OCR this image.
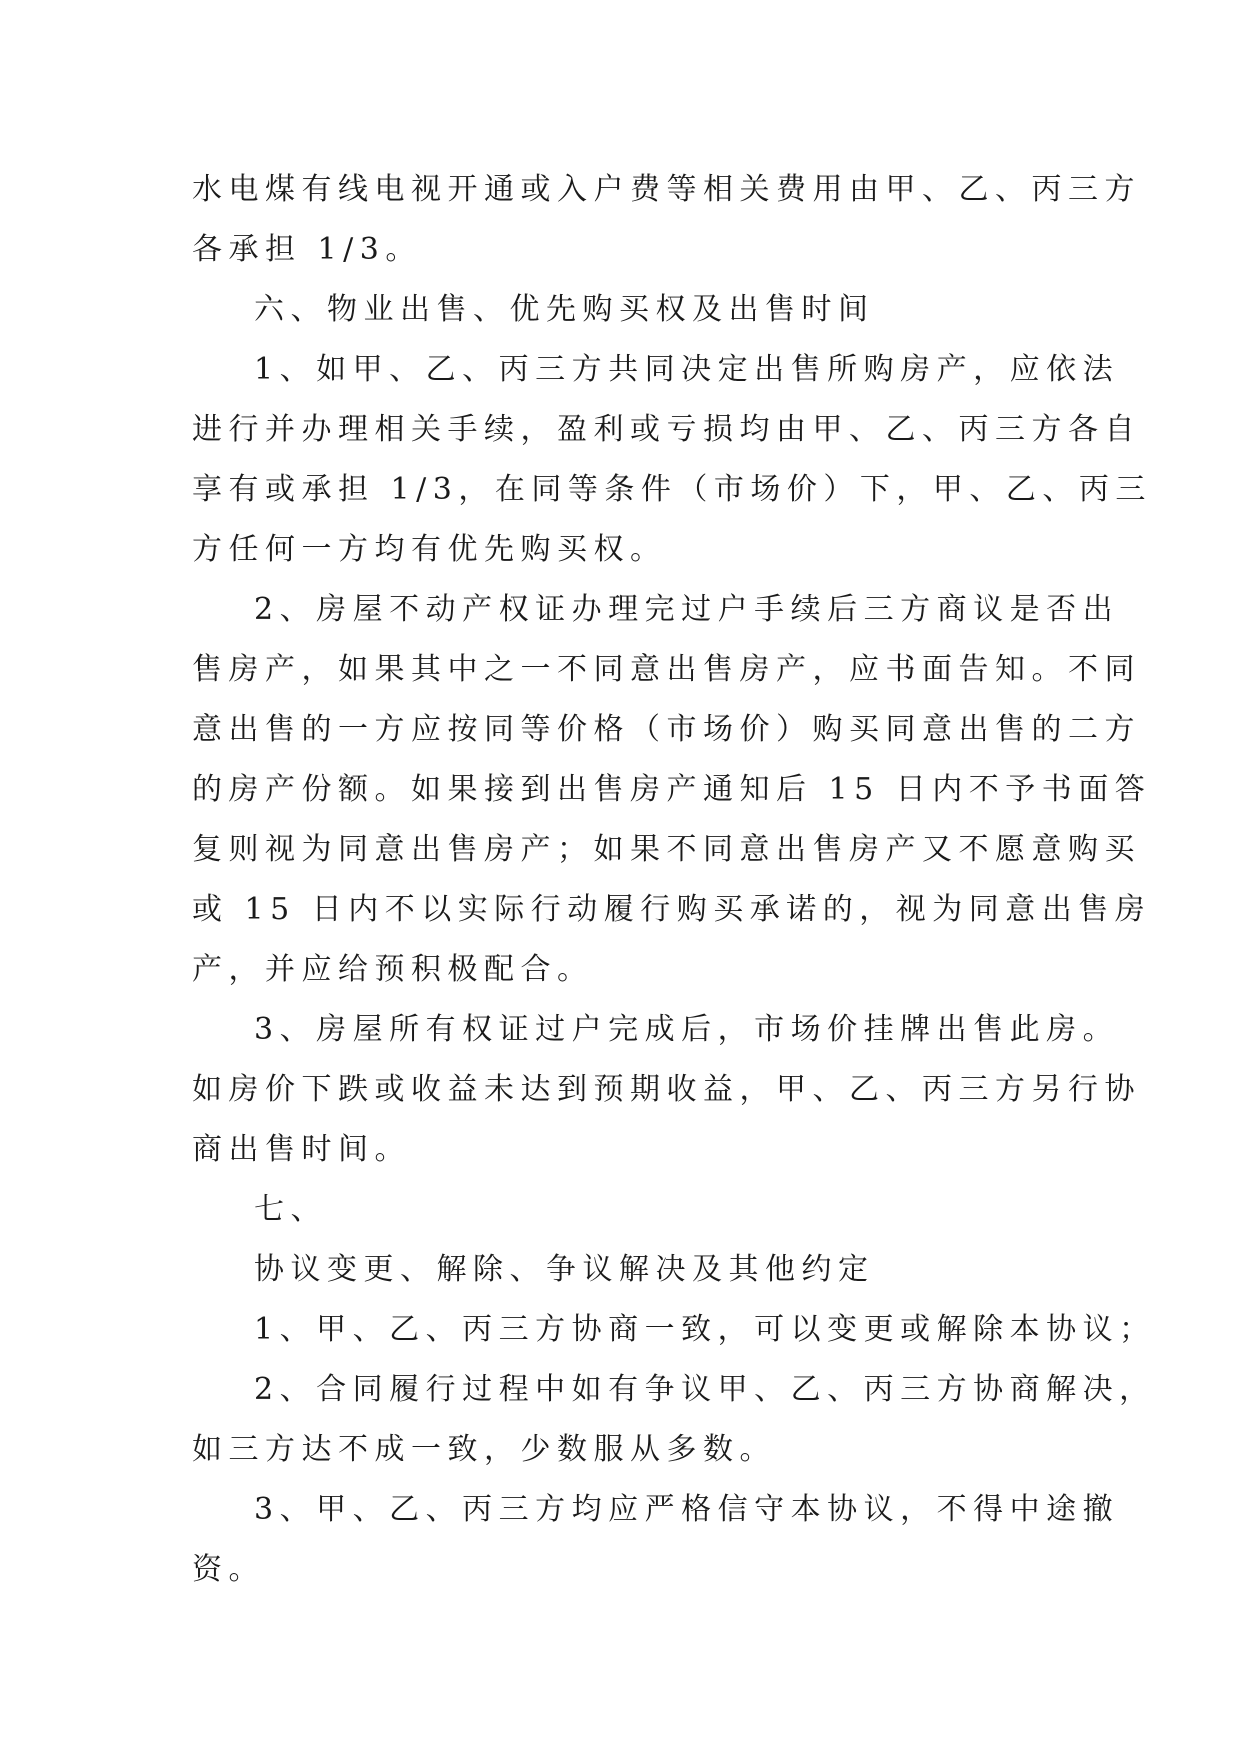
水电煤有线电视开通或入户费等相关费用由甲、乙、丙三方
各承担 1/3。
六、物业出售、优先购买权及出售时间
1、如甲、乙、丙三方共同决定出售所购房产，应依法
进行并办理相关手续，盈利或亏损均由甲、乙、丙三方各自
享有或承担 1/3，在同等条件（市场价）下，甲、乙、丙三
方任何一方均有优先购买权。
2、房屋不动产权证办理完过户手续后三方商议是否出
售房产，如果其中之一不同意出售房产，应书面告知。不同
意出售的一方应按同等价格（市场价）购买同意出售的二方
的房产份额。如果接到出售房产通知后 15 日内不予书面答
复则视为同意出售房产；如果不同意出售房产又不愿意购买
或 15 日内不以实际行动履行购买承诺的，视为同意出售房
产，并应给预积极配合。
3、房屋所有权证过户完成后，市场价挂牌出售此房。
如房价下跌或收益未达到预期收益，甲、乙、丙三方另行协
商出售时间。
七、
协议变更、解除、争议解决及其他约定
1、甲、乙、丙三方协商一致，可以变更或解除本协议；
2、合同履行过程中如有争议甲、乙、丙三方协商解决，
如三方达不成一致，少数服从多数。
3、甲、乙、丙三方均应严格信守本协议，不得中途撤
资。
